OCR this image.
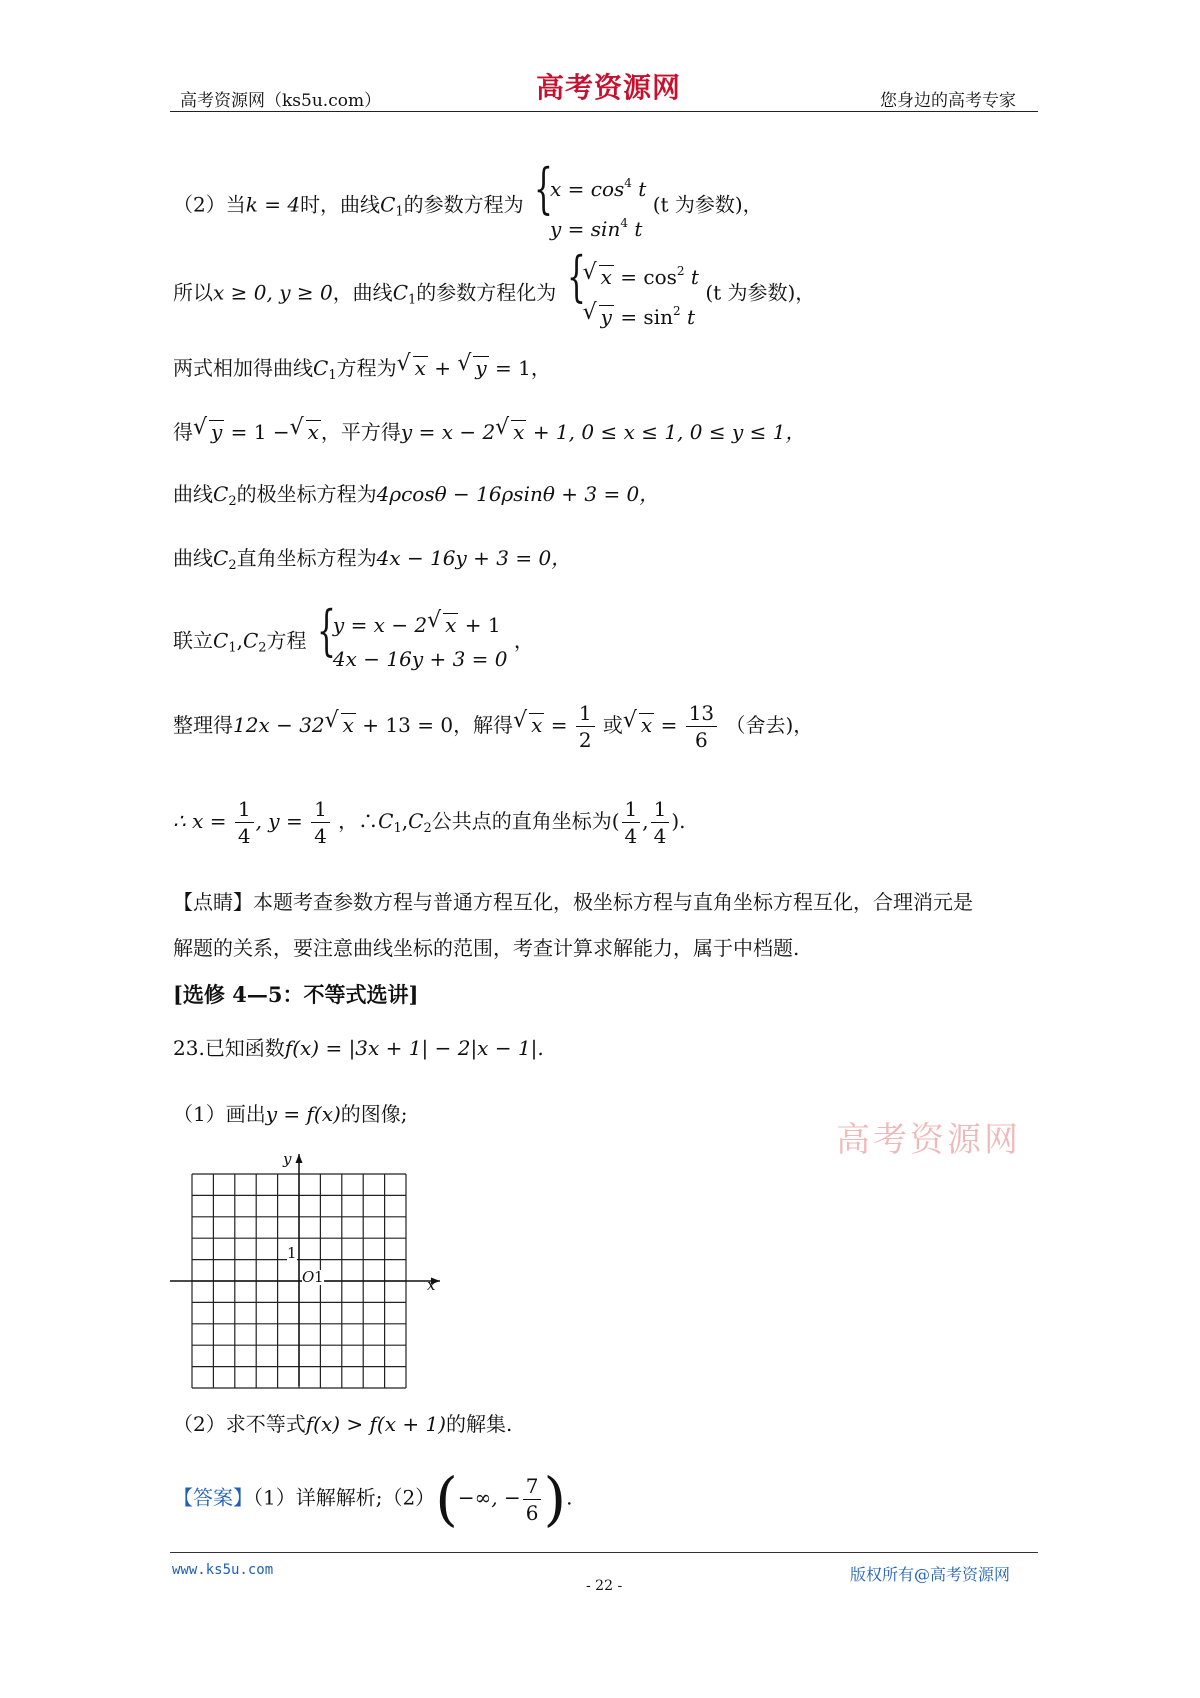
高考资源网（ks5u.com）	高考资源网	您身边的高考专家
（2）当k = 4时，曲线$C_1$的参数方程为 {
$x = \cos^4 t$
$y = \sin^4 t$
(t 为参数)，
所以x ≥ 0, y ≥ 0，曲线$C_1$的参数方程化为 { √ $x = \cos^2 t$
√ $y = \sin^2 t$
(t 为参数)，
两式相加得曲线$C_1$方程为 √ x + √ y = 1，
得 √ y = 1 − √ x ，平方得y = x − 2 √ x + 1, 0 ≤ x ≤ 1, 0 ≤ y ≤ 1，
曲线$C_2$的极坐标方程为4ρcosθ − 16ρsinθ + 3 = 0，
曲线$C_2$直角坐标方程为4x − 16y + 3 = 0，
联立$C_1,C_2$方程 {
y = x − 2 √ x + 1
4x − 16y + 3 = 0
，
整理得12x − 32 √ x + 13 = 0，解得 √ $x = \frac{1}{2}$ 或 √ $x = \frac{13}{6}$ （舍去)，
∴ $x = \frac{1}{4}$ , $y = \frac{1}{4}$ ，$\therefore C_1,C_2$公共点的直角坐标为( $\frac{1}{4}$ , $\frac{1}{4}$ ).
【点睛】本题考查参数方程与普通方程互化，极坐标方程与直角坐标方程互化，合理消元是
解题的关系，要注意曲线坐标的范围，考查计算求解能力，属于中档题.
[选修 4—5：不等式选讲]
23.已知函数f(x) = |3x + 1| − 2|x − 1|.
（1）画出y = f(x)的图像;
高考资源网
y
x
O 1
1
（2）求不等式f(x) > f(x + 1)的解集.
【答案】（1）详解解析;（2）(−∞, − $\frac{7}{6}$ ).
www.ks5u.com
- 22 -
版权所有@高考资源网
